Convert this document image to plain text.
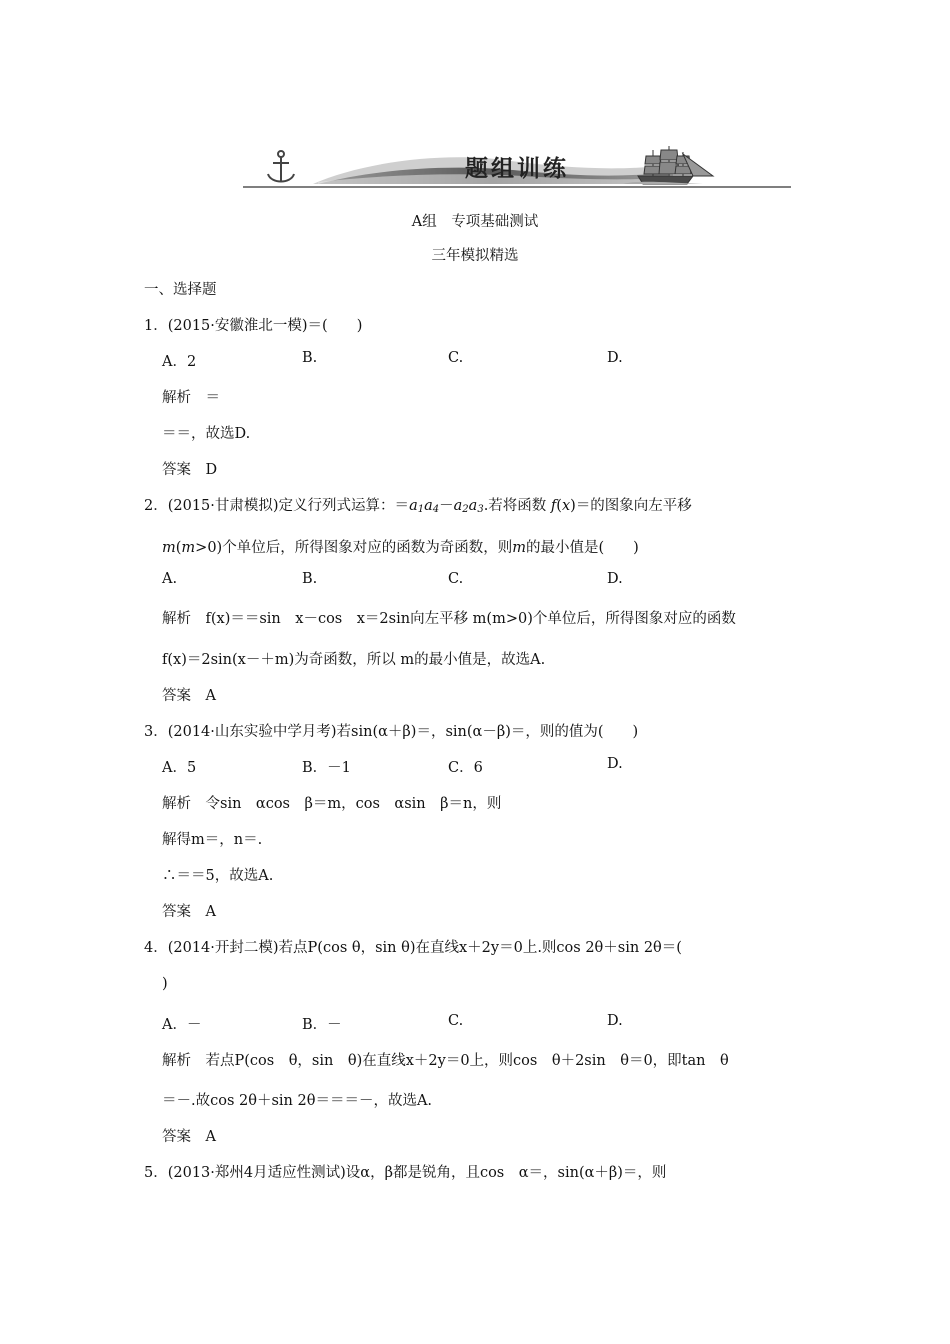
题组训练
A组　专项基础测试
三年模拟精选
一、选择题
1．(2015·安徽淮北一模)＝(　　)
A．2	B.	C.	D.
解析　＝
＝＝，故选D.
答案　D
2．(2015·甘肃模拟)定义行列式运算：$=a_1a_4-a_2a_3$.若将函数 f(x)＝的图象向左平移
m(m>0)个单位后，所得图象对应的函数为奇函数，则m的最小值是(　　)
A.	B.	C.	D.
解析　f(x)＝＝sin　x－cos　x＝2sin向左平移 m(m>0)个单位后，所得图象对应的函数
f(x)＝2sin(x－＋m)为奇函数，所以 m的最小值是，故选A.
答案　A
3．(2014·山东实验中学月考)若sin(α＋β)＝，sin(α－β)＝，则的值为(　　)
A．5	B．－1	C．6	D.
解析　令sin　αcos　β＝m，cos　αsin　β＝n，则
解得m＝，n＝.
∴＝＝5，故选A.
答案　A
4．(2014·开封二模)若点P(cos θ，sin θ)在直线x＋2y＝0上.则cos 2θ＋sin 2θ＝(
)
A．－	B．－	C.	D.
解析　若点P(cos　θ，sin　θ)在直线x＋2y＝0上，则cos　θ＋2sin　θ＝0，即tan　θ
＝－.故cos 2θ＋sin 2θ＝＝＝－，故选A.
答案　A
5．(2013·郑州4月适应性测试)设α，β都是锐角，且cos　α＝，sin(α＋β)＝，则
